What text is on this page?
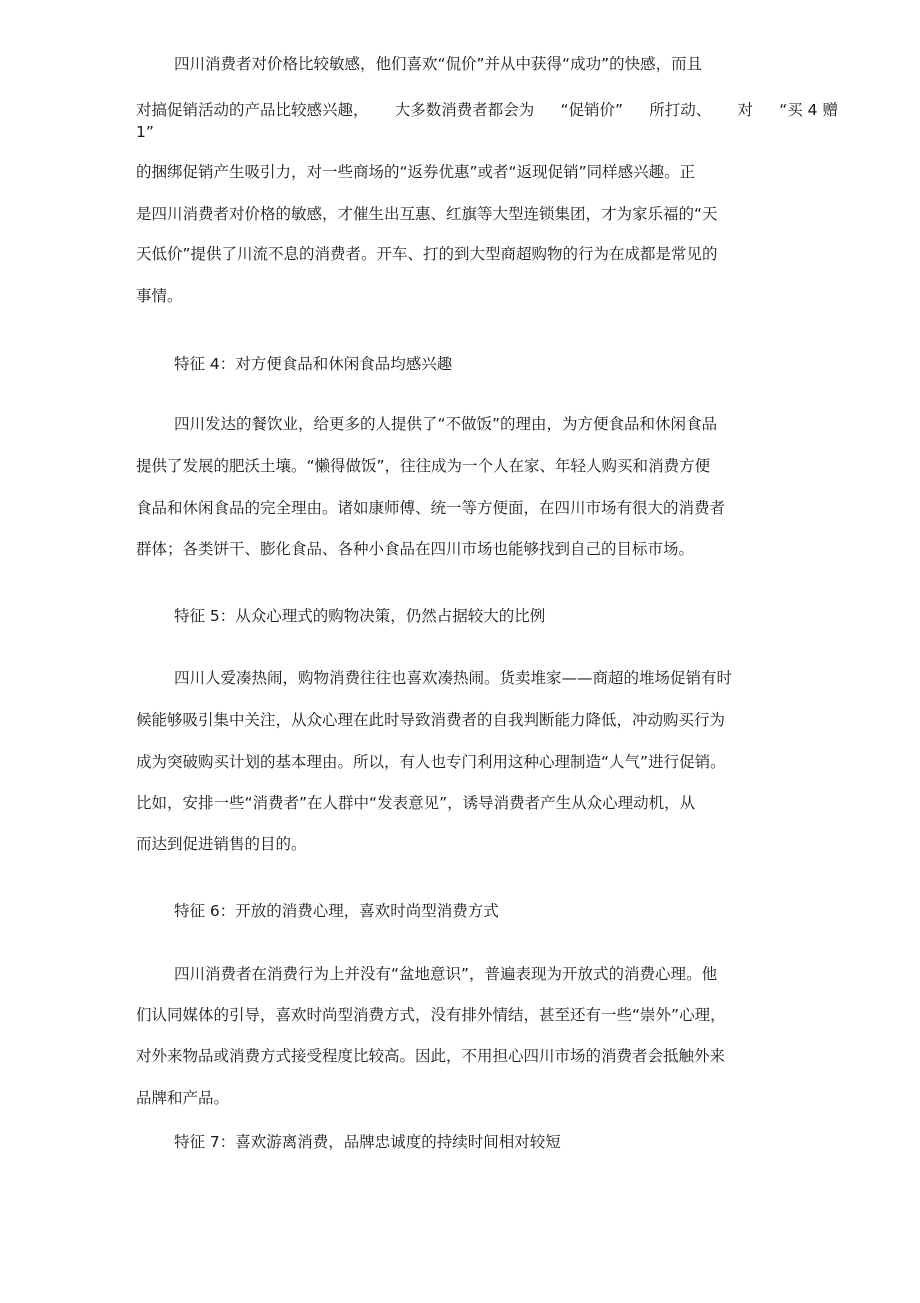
四川消费者对价格比较敏感，他们喜欢“侃价”并从中获得“成功”的快感，而且
对搞促销活动的产品比较感兴趣， 大多数消费者都会为 “促销价” 所打动、 对 “买 4 赠
1”
的捆绑促销产生吸引力，对一些商场的“返券优惠”或者“返现促销”同样感兴趣。正
是四川消费者对价格的敏感，才催生出互惠、红旗等大型连锁集团，才为家乐福的“天
天低价”提供了川流不息的消费者。开车、打的到大型商超购物的行为在成都是常见的
事情。
特征 4：对方便食品和休闲食品均感兴趣
四川发达的餐饮业，给更多的人提供了“不做饭”的理由，为方便食品和休闲食品
提供了发展的肥沃土壤。“懒得做饭”，往往成为一个人在家、年轻人购买和消费方便
食品和休闲食品的完全理由。诸如康师傅、统一等方便面，在四川市场有很大的消费者
群体；各类饼干、膨化食品、各种小食品在四川市场也能够找到自己的目标市场。
特征 5：从众心理式的购物决策，仍然占据较大的比例
四川人爱凑热闹，购物消费往往也喜欢凑热闹。货卖堆家——商超的堆场促销有时
候能够吸引集中关注，从众心理在此时导致消费者的自我判断能力降低，冲动购买行为
成为突破购买计划的基本理由。所以，有人也专门利用这种心理制造“人气”进行促销。
比如，安排一些“消费者”在人群中“发表意见”，诱导消费者产生从众心理动机，从
而达到促进销售的目的。
特征 6：开放的消费心理，喜欢时尚型消费方式
四川消费者在消费行为上并没有“盆地意识”，普遍表现为开放式的消费心理。他
们认同媒体的引导，喜欢时尚型消费方式，没有排外情结，甚至还有一些“崇外”心理，
对外来物品或消费方式接受程度比较高。因此，不用担心四川市场的消费者会抵触外来
品牌和产品。
特征 7：喜欢游离消费，品牌忠诚度的持续时间相对较短
